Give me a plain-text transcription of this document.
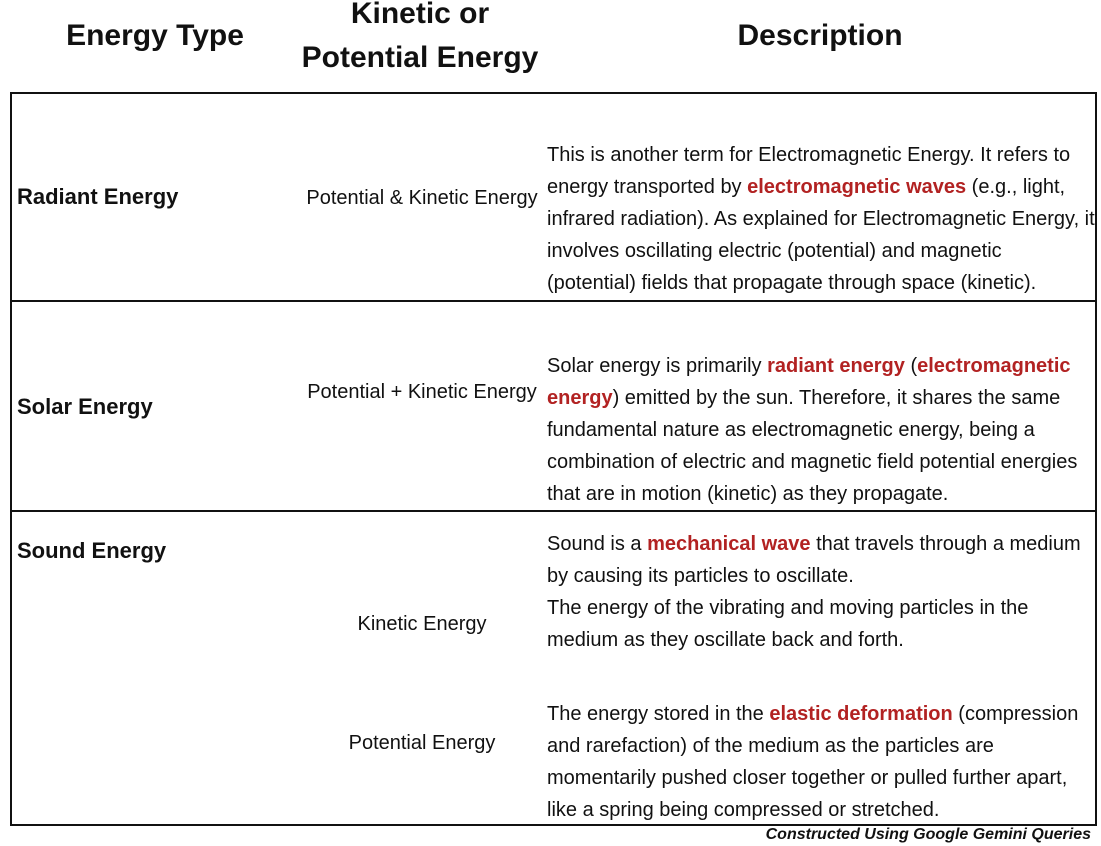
Energy Type
Kinetic or
Potential Energy
Description
Radiant Energy	Potential & Kinetic Energy
This is another term for Electromagnetic Energy. It refers to energy transported by electromagnetic waves (e.g., light, infrared radiation). As explained for Electromagnetic Energy, it involves oscillating electric (potential) and magnetic (potential) fields that propagate through space (kinetic).
Solar Energy
Potential + Kinetic Energy
Solar energy is primarily radiant energy (electromagnetic energy) emitted by the sun. Therefore, it shares the same fundamental nature as electromagnetic energy, being a combination of electric and magnetic field potential energies that are in motion (kinetic) as they propagate.
Sound Energy	Sound is a mechanical wave that travels through a medium by causing its particles to oscillate.
Kinetic Energy
The energy of the vibrating and moving particles in the medium as they oscillate back and forth.
Potential Energy
The energy stored in the elastic deformation (compression and rarefaction) of the medium as the particles are momentarily pushed closer together or pulled further apart, like a spring being compressed or stretched.
Constructed Using Google Gemini Queries
